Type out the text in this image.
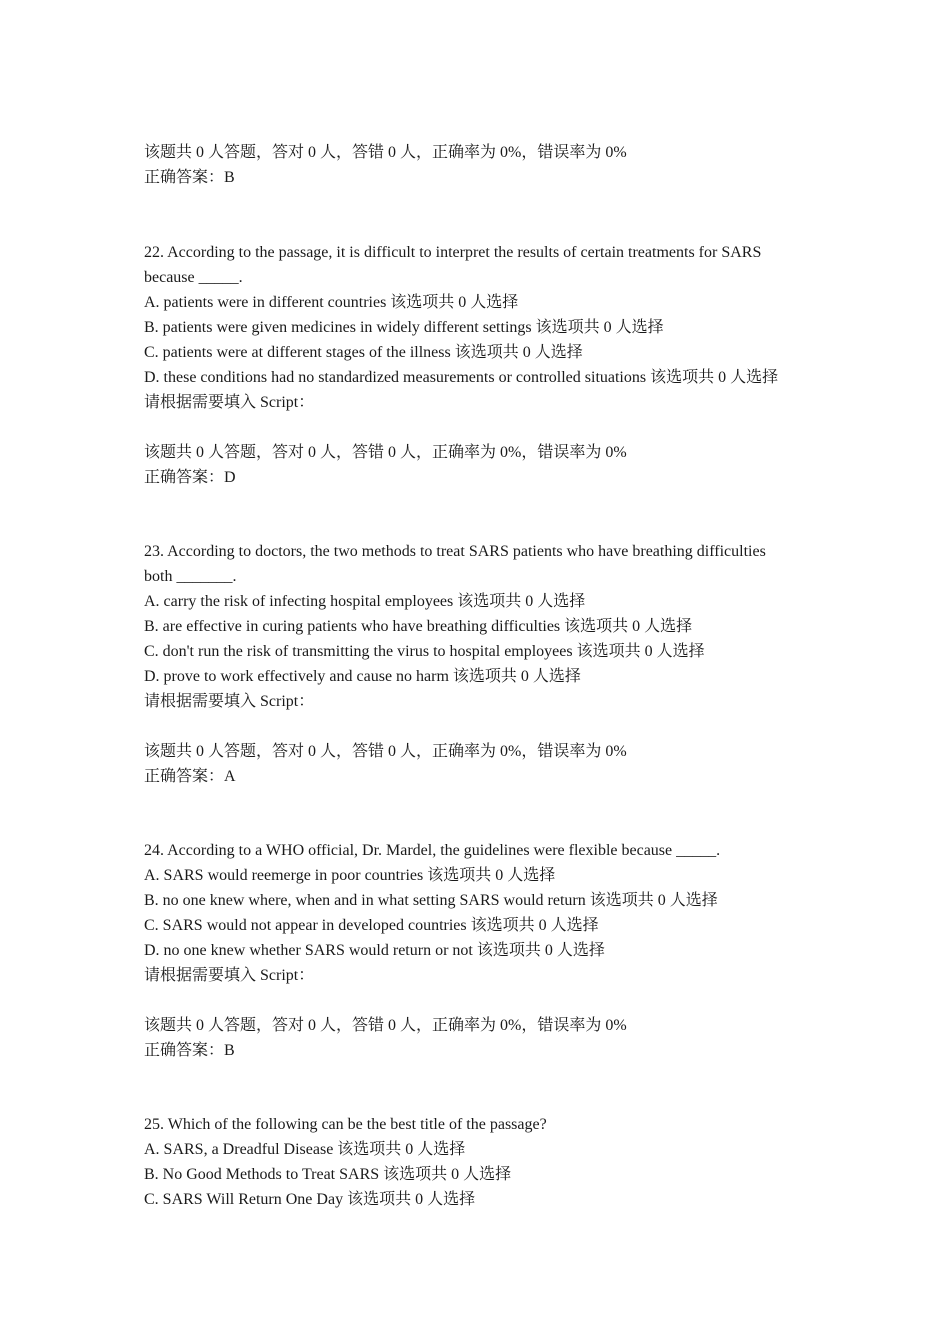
该题共 0 人答题，答对 0 人，答错 0 人，正确率为 0%，错误率为 0%
正确答案：B
22. According to the passage, it is difficult to interpret the results of certain treatments for SARS
because _____.
A. patients were in different countries 该选项共 0 人选择
B. patients were given medicines in widely different settings 该选项共 0 人选择
C. patients were at different stages of the illness 该选项共 0 人选择
D. these conditions had no standardized measurements or controlled situations 该选项共 0 人选择
请根据需要填入 Script：
该题共 0 人答题，答对 0 人，答错 0 人，正确率为 0%，错误率为 0%
正确答案：D
23. According to doctors, the two methods to treat SARS patients who have breathing difficulties
both _______.
A. carry the risk of infecting hospital employees 该选项共 0 人选择
B. are effective in curing patients who have breathing difficulties 该选项共 0 人选择
C. don't run the risk of transmitting the virus to hospital employees 该选项共 0 人选择
D. prove to work effectively and cause no harm 该选项共 0 人选择
请根据需要填入 Script：
该题共 0 人答题，答对 0 人，答错 0 人，正确率为 0%，错误率为 0%
正确答案：A
24. According to a WHO official, Dr. Mardel, the guidelines were flexible because _____.
A. SARS would reemerge in poor countries 该选项共 0 人选择
B. no one knew where, when and in what setting SARS would return 该选项共 0 人选择
C. SARS would not appear in developed countries 该选项共 0 人选择
D. no one knew whether SARS would return or not 该选项共 0 人选择
请根据需要填入 Script：
该题共 0 人答题，答对 0 人，答错 0 人，正确率为 0%，错误率为 0%
正确答案：B
25. Which of the following can be the best title of the passage?
A. SARS, a Dreadful Disease 该选项共 0 人选择
B. No Good Methods to Treat SARS 该选项共 0 人选择
C. SARS Will Return One Day 该选项共 0 人选择
